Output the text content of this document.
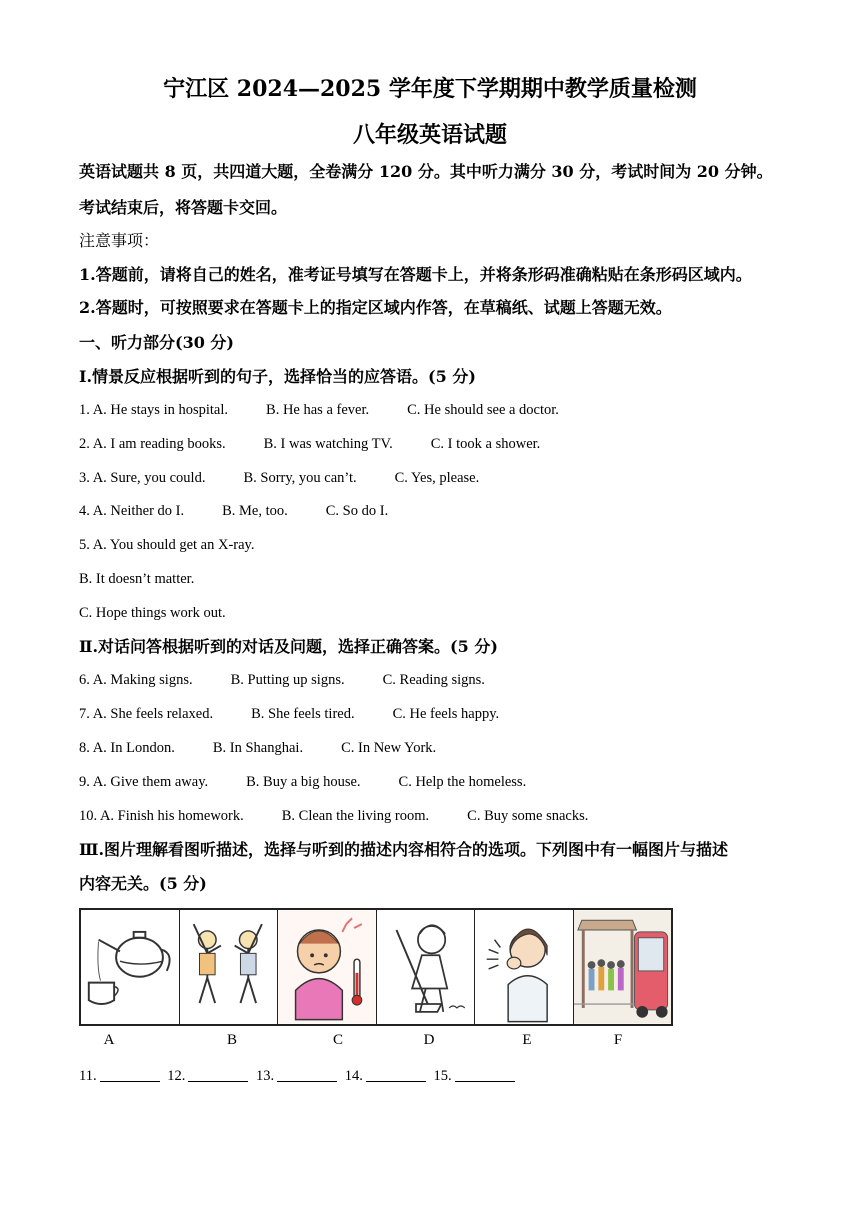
宁江区 2024—2025 学年度下学期期中教学质量检测
八年级英语试题
英语试题共 8 页，共四道大题，全卷满分 120 分。其中听力满分 30 分，考试时间为 20 分钟。
考试结束后，将答题卡交回。
注意事项：
1.答题前，请将自己的姓名，准考证号填写在答题卡上，并将条形码准确粘贴在条形码区域内。
2.答题时，可按照要求在答题卡上的指定区域内作答，在草稿纸、试题上答题无效。
一、听力部分(30 分)
Ⅰ.情景反应根据听到的句子，选择恰当的应答语。(5 分)
1. A. He stays in hospital.	B. He has a fever.	C. He should see a doctor.
2. A. I am reading books.	B. I was watching TV.	C. I took a shower.
3. A. Sure, you could.	B. Sorry, you can’t.	C. Yes, please.
4. A. Neither do I.	B. Me, too.	C. So do I.
5. A. You should get an X-ray.
B. It doesn’t matter.
C. Hope things work out.
Ⅱ.对话问答根据听到的对话及问题，选择正确答案。(5 分)
6. A. Making signs.	B. Putting up signs.	C. Reading signs.
7. A. She feels relaxed.	B. She feels tired.	C. He feels happy.
8. A. In London.	B. In Shanghai.	C. In New York.
9. A. Give them away.	B. Buy a big house.	C. Help the homeless.
10. A. Finish his homework.	B. Clean the living room.	C. Buy some snacks.
Ⅲ.图片理解看图听描述，选择与听到的描述内容相符合的选项。下列图中有一幅图片与描述
内容无关。(5 分)
A	B	C	D	E	F
11.	12.	13.	14.	15.
